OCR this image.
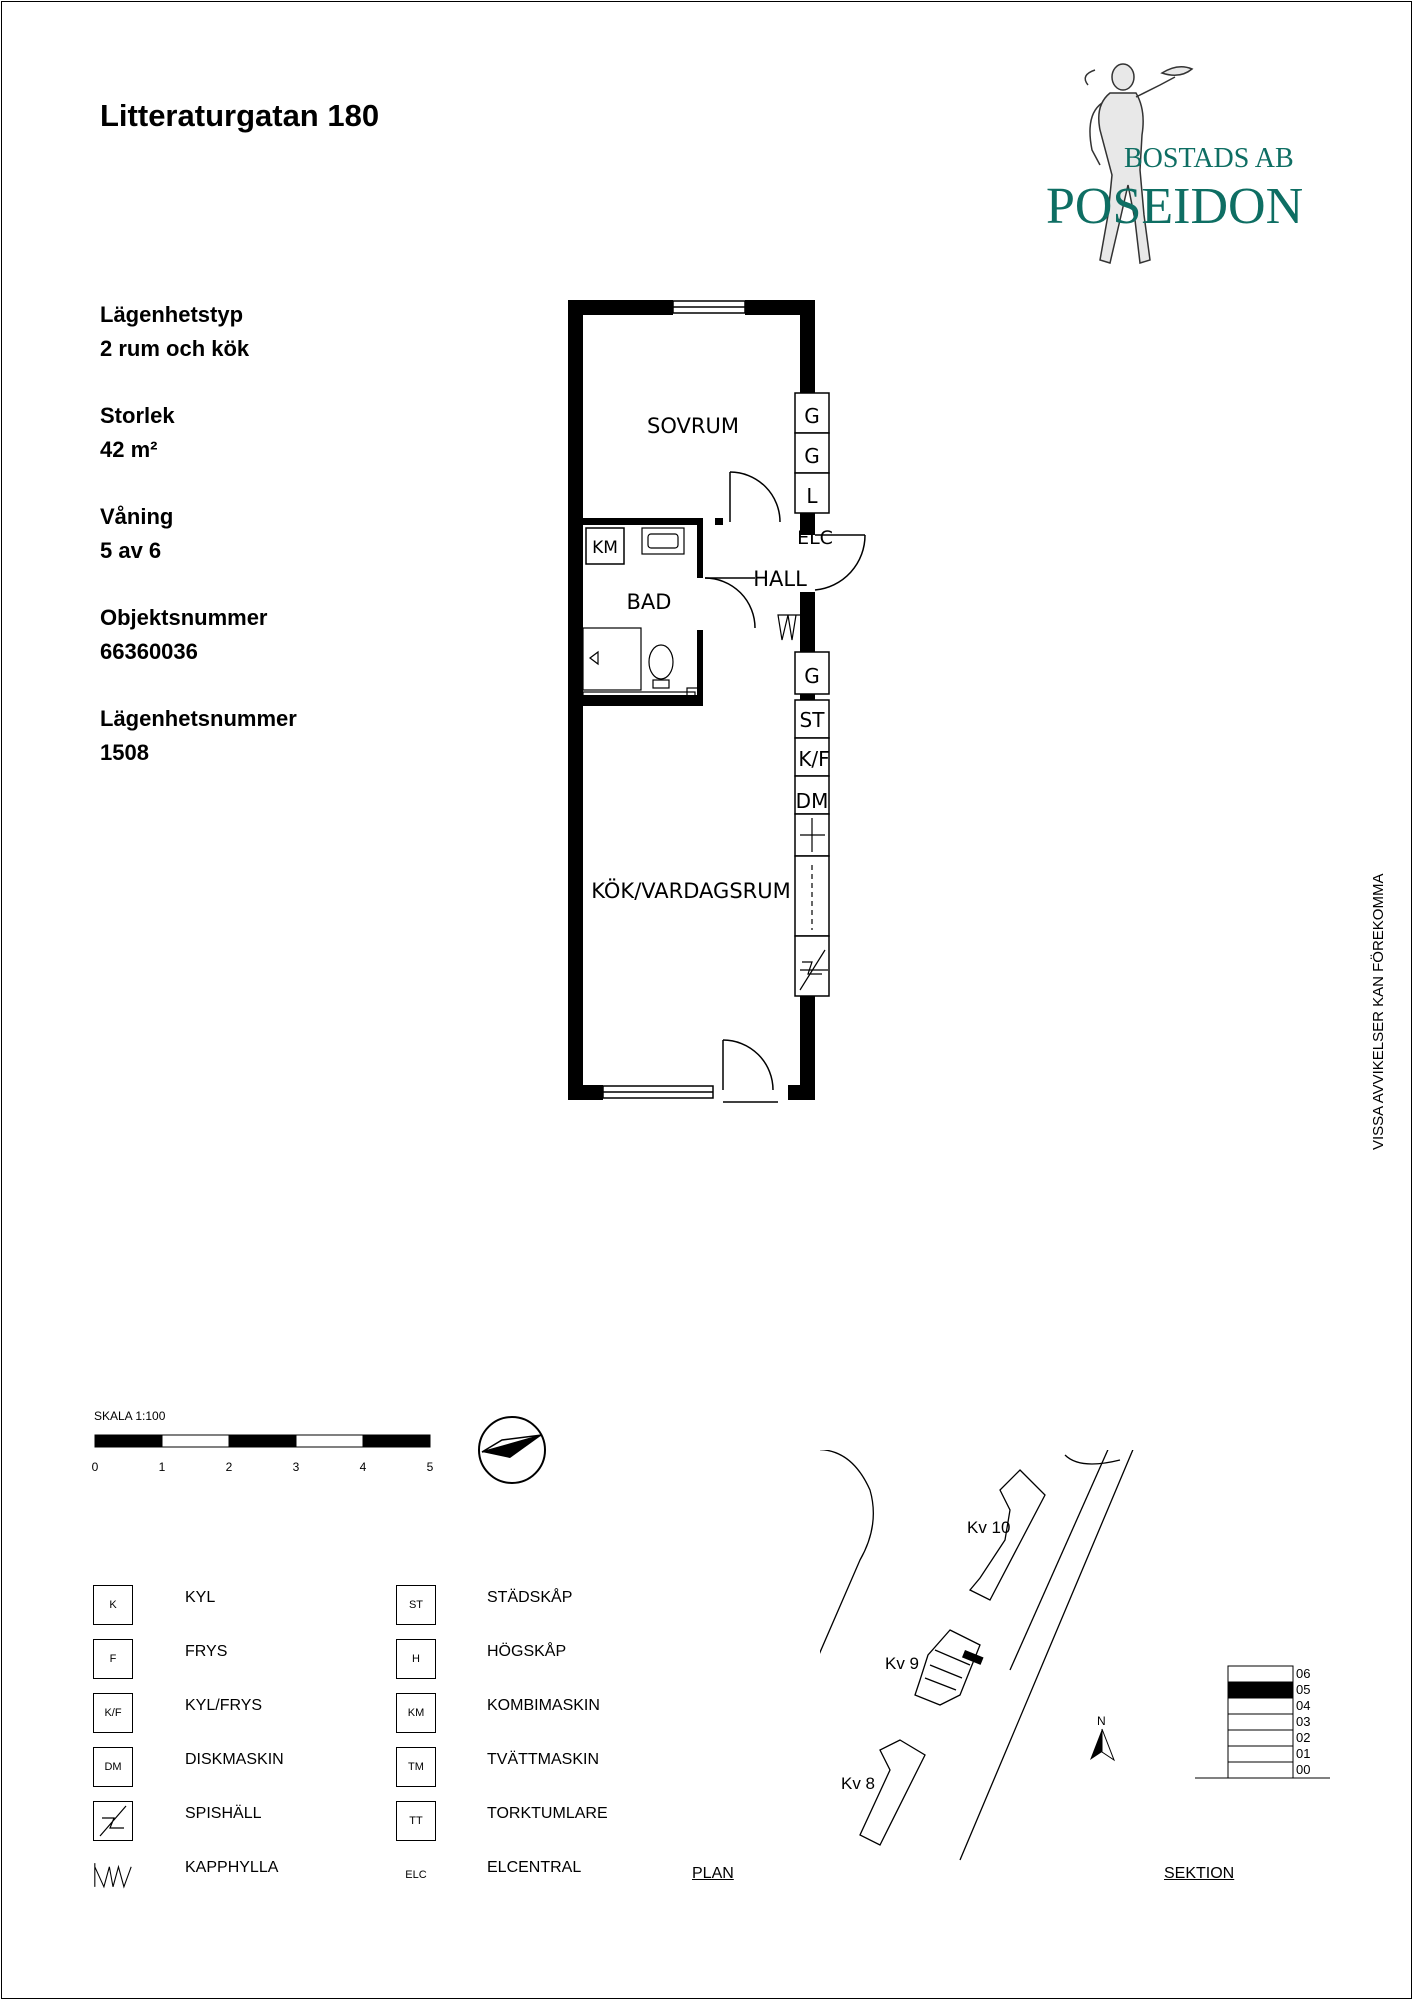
Litteraturgatan 180
Lägenhetstyp
2 rum och kök
Storlek
42 m²
Våning
5 av 6
Objektsnummer
66360036
Lägenhetsnummer
1508
BOSTADS AB
POSEIDON
G
G
L
ELC
KM
G
ST
K/F
DM
SOVRUM
BAD
HALL
KÖK/VARDAGSRUM	VISSA AVVIKELSER KAN FÖREKOMMA
SKALA 1:100
0	1	2	3	4	5
K	KYL
F	FRYS
K/F	KYL/FRYS
DM	DISKMASKIN
SPISHÄLL
KAPPHYLLA
ST	STÄDSKÅP
H	HÖGSKÅP
KM	KOMBIMASKIN
TM	TVÄTTMASKIN
TT	TORKTUMLARE
ELC	ELCENTRAL	PLAN	SEKTION
Kv 10
Kv 9
Kv 8
N
06
05
04
03
02
01
00
